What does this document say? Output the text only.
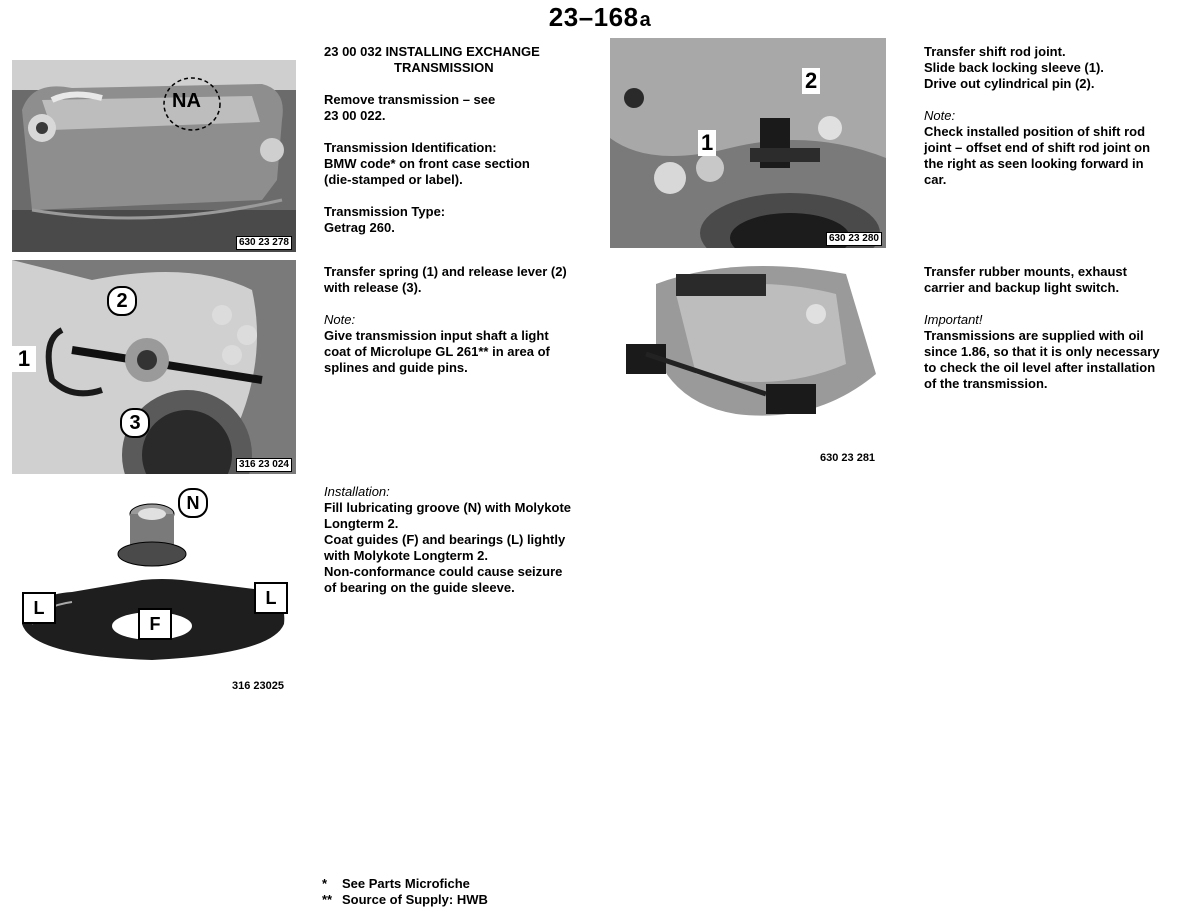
23–168a
NA
630 23 278
2
1
3
316 23 024
N
L
F
L
316 23025

23 00 032 INSTALLING EXCHANGE
TRANSMISSION

Remove transmission – see
23 00 022.

Transmission Identification:
BMW code* on front case section
(die-stamped or label).

Transmission Type:
Getrag 260.

Transfer spring (1) and release lever (2)
with release (3).
Note:
Give transmission input shaft a light
coat of Microlupe GL 261** in area of
splines and guide pins.
Installation:
Fill lubricating groove (N) with Molykote
Longterm 2.
Coat guides (F) and bearings (L) lightly
with Molykote Longterm 2.
Non-conformance could cause seizure
of bearing on the guide sleeve.
1
2
630 23 280
630 23 281
Transfer shift rod joint.
Slide back locking sleeve (1).
Drive out cylindrical pin (2).
Note:
Check installed position of shift rod
joint – offset end of shift rod joint on
the right as seen looking forward in
car.
Transfer rubber mounts, exhaust
carrier and backup light switch.
Important!
Transmissions are supplied with oil
since 1.86, so that it is only necessary
to check the oil level after installation
of the transmission.
* See Parts Microfiche
** Source of Supply: HWB
